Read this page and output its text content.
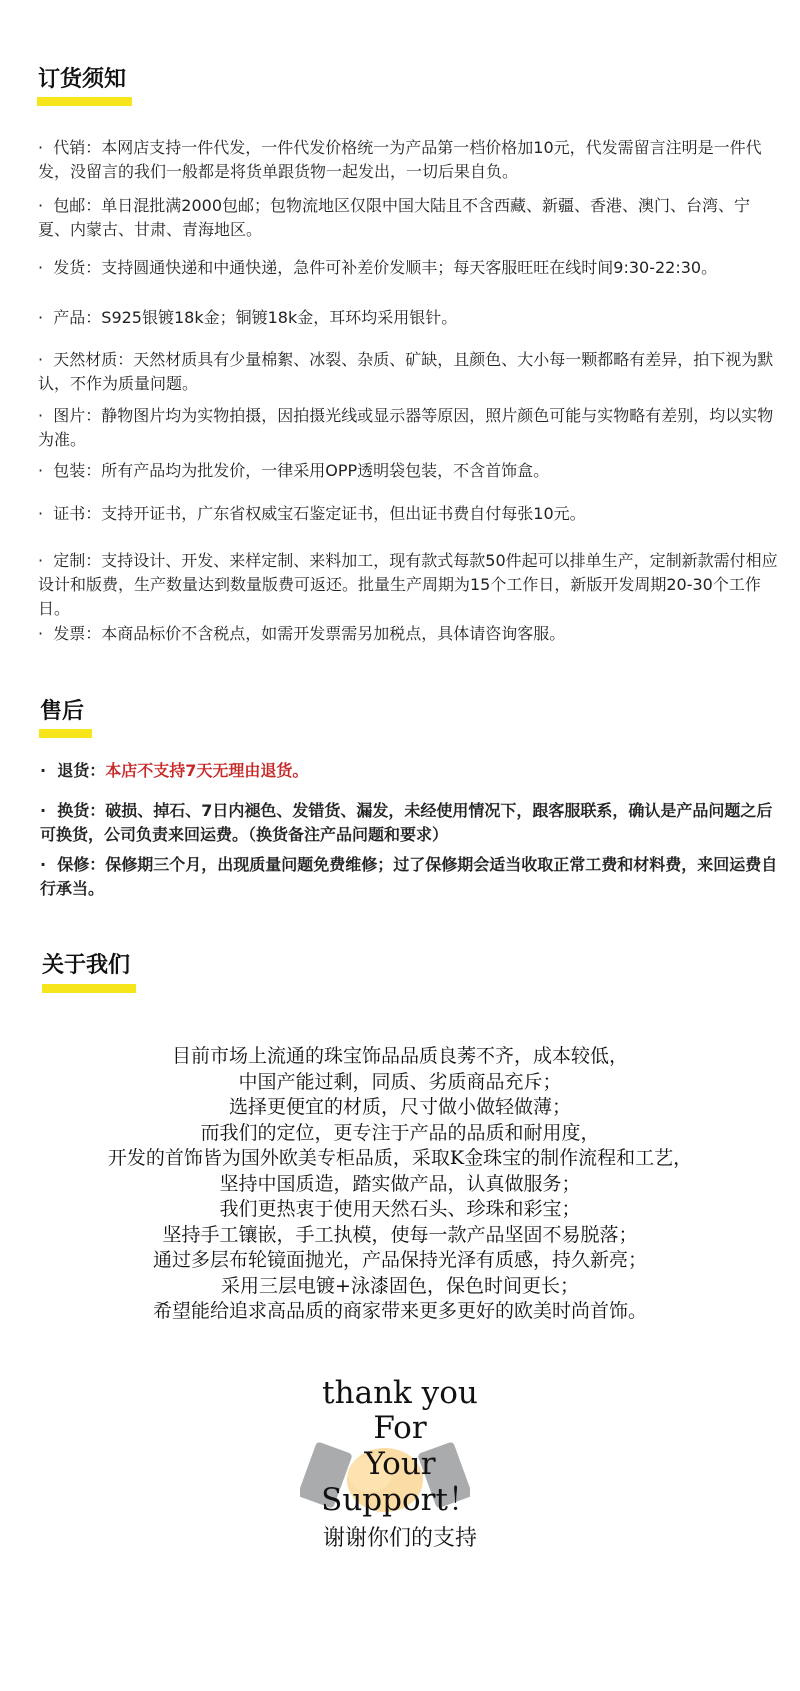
订货须知
·  代销：本网店支持一件代发，一件代发价格统一为产品第一档价格加10元，代发需留言注明是一件代发，没留言的我们一般都是将货单跟货物一起发出，一切后果自负。
·  包邮：单日混批满2000包邮；包物流地区仅限中国大陆且不含西藏、新疆、香港、澳门、台湾、宁夏、内蒙古、甘肃、青海地区。
·  发货：支持圆通快递和中通快递，急件可补差价发顺丰；每天客服旺旺在线时间9:30-22:30。
·  产品：S925银镀18k金；铜镀18k金，耳环均采用银针。
·  天然材质：天然材质具有少量棉絮、冰裂、杂质、矿缺，且颜色、大小每一颗都略有差异，拍下视为默认，不作为质量问题。
·  图片：静物图片均为实物拍摄，因拍摄光线或显示器等原因，照片颜色可能与实物略有差别，均以实物为准。
·  包装：所有产品均为批发价，一律采用OPP透明袋包装，不含首饰盒。
·  证书：支持开证书，广东省权威宝石鉴定证书，但出证书费自付每张10元。
·  定制：支持设计、开发、来样定制、来料加工，现有款式每款50件起可以排单生产，定制新款需付相应设计和版费，生产数量达到数量版费可返还。批量生产周期为15个工作日，新版开发周期20-30个工作日。
·  发票：本商品标价不含税点，如需开发票需另加税点，具体请咨询客服。
售后
·  退货：本店不支持7天无理由退货。
·  换货：破损、掉石、7日内褪色、发错货、漏发，未经使用情况下，跟客服联系，确认是产品问题之后可换货，公司负责来回运费。（换货备注产品问题和要求）
·  保修：保修期三个月，出现质量问题免费维修；过了保修期会适当收取正常工费和材料费，来回运费自行承当。
关于我们
目前市场上流通的珠宝饰品品质良莠不齐，成本较低，
中国产能过剩，同质、劣质商品充斥；
选择更便宜的材质，尺寸做小做轻做薄；
而我们的定位，更专注于产品的品质和耐用度，
开发的首饰皆为国外欧美专柜品质，采取K金珠宝的制作流程和工艺，
坚持中国质造，踏实做产品，认真做服务；
我们更热衷于使用天然石头、珍珠和彩宝；
坚持手工镶嵌，手工执模，使每一款产品坚固不易脱落；
通过多层布轮镜面抛光，产品保持光泽有质感，持久新亮；
采用三层电镀+泳漆固色，保色时间更长；
希望能给追求高品质的商家带来更多更好的欧美时尚首饰。
thank you
For
Your
Support！
谢谢你们的支持
